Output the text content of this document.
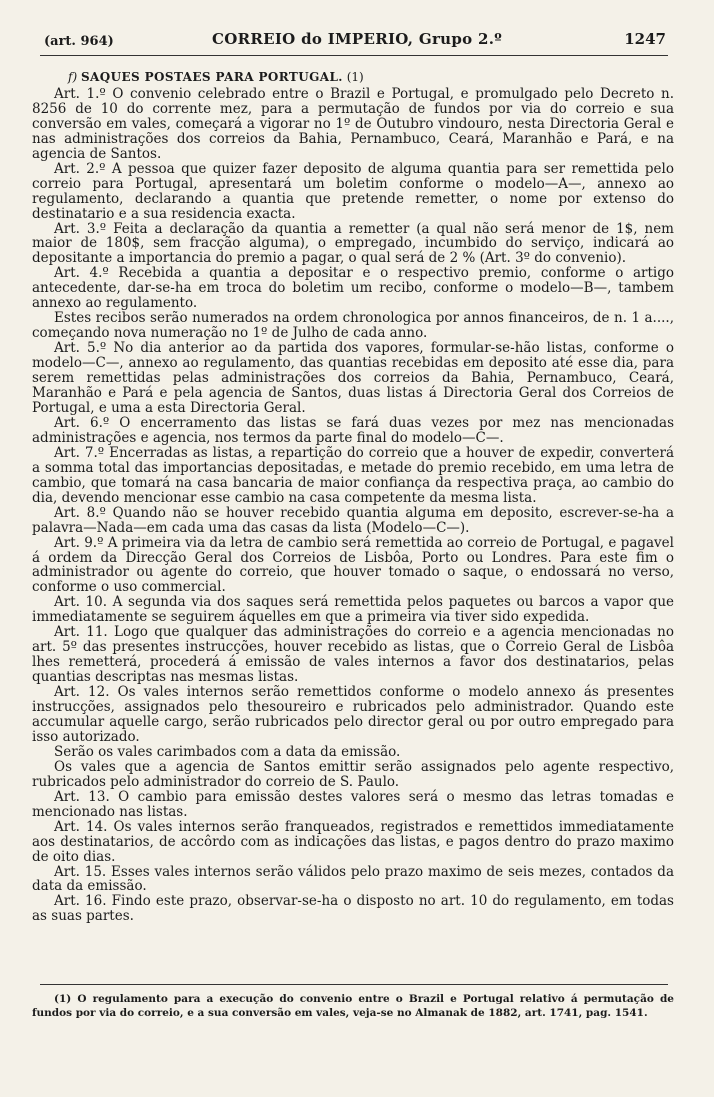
(art. 964)	CORREIO do IMPERIO, Grupo 2.º	1247
f) SAQUES POSTAES PARA PORTUGAL. (1)

Art. 1.º O convenio celebrado entre o Brazil e Portugal, e promulgado pelo Decreto n. 8256 de 10 do corrente mez, para a permutação de fundos por via do correio e sua conversão em vales, começará a vigorar no 1º de Outubro vindouro, nesta Directoria Geral e nas administrações dos correios da Bahia, Pernambuco, Ceará, Maranhão e Pará, e na agencia de Santos.

Art. 2.º A pessoa que quizer fazer deposito de alguma quantia para ser remettida pelo correio para Portugal, apresentará um boletim conforme o modelo—A—, annexo ao regulamento, declarando a quantia que pretende remetter, o nome por extenso do destinatario e a sua residencia exacta.

Art. 3.º Feita a declaração da quantia a remetter (a qual não será menor de 1$, nem maior de 180$, sem fracção alguma), o empregado, incumbido do serviço, indicará ao depositante a importancia do premio a pagar, o qual será de 2 % (Art. 3º do convenio).

Art. 4.º Recebida a quantia a depositar e o respectivo premio, conforme o artigo antecedente, dar-se-ha em troca do boletim um recibo, conforme o modelo—B—, tambem annexo ao regulamento.

Estes recibos serão numerados na ordem chronologica por annos financeiros, de n. 1 a...., começando nova numeração no 1º de Julho de cada anno.

Art. 5.º No dia anterior ao da partida dos vapores, formular-se-hão listas, conforme o modelo—C—, annexo ao regulamento, das quantias recebidas em deposito até esse dia, para serem remettidas pelas administrações dos correios da Bahia, Pernambuco, Ceará, Maranhão e Pará e pela agencia de Santos, duas listas á Directoria Geral dos Correios de Portugal, e uma a esta Directoria Geral.

Art. 6.º O encerramento das listas se fará duas vezes por mez nas mencionadas administrações e agencia, nos termos da parte final do modelo—C—.

Art. 7.º Encerradas as listas, a repartição do correio que a houver de expedir, converterá a somma total das importancias depositadas, e metade do premio recebido, em uma letra de cambio, que tomará na casa bancaria de maior confiança da respectiva praça, ao cambio do dia, devendo mencionar esse cambio na casa competente da mesma lista.

Art. 8.º Quando não se houver recebido quantia alguma em deposito, escrever-se-ha a palavra—Nada—em cada uma das casas da lista (Modelo—C—).

Art. 9.º A primeira via da letra de cambio será remettida ao correio de Portugal, e pagavel á ordem da Direcção Geral dos Correios de Lisbôa, Porto ou Londres. Para este fim o administrador ou agente do correio, que houver tomado o saque, o endossará no verso, conforme o uso commercial.

Art. 10. A segunda via dos saques será remettida pelos paquetes ou barcos a vapor que immediatamente se seguirem áquelles em que a primeira via tiver sido expedida.

Art. 11. Logo que qualquer das administrações do correio e a agencia mencionadas no art. 5º das presentes instrucções, houver recebido as listas, que o Correio Geral de Lisbôa lhes remetterá, procederá á emissão de vales internos a favor dos destinatarios, pelas quantias descriptas nas mesmas listas.

Art. 12. Os vales internos serão remettidos conforme o modelo annexo ás presentes instrucções, assignados pelo thesoureiro e rubricados pelo administrador. Quando este accumular aquelle cargo, serão rubricados pelo director geral ou por outro empregado para isso autorizado.

Serão os vales carimbados com a data da emissão.

Os vales que a agencia de Santos emittir serão assignados pelo agente respectivo, rubricados pelo administrador do correio de S. Paulo.

Art. 13. O cambio para emissão destes valores será o mesmo das letras tomadas e mencionado nas listas.

Art. 14. Os vales internos serão franqueados, registrados e remettidos immediatamente aos destinatarios, de accôrdo com as indicações das listas, e pagos dentro do prazo maximo de oito dias.

Art. 15. Esses vales internos serão válidos pelo prazo maximo de seis mezes, contados da data da emissão.

Art. 16. Findo este prazo, observar-se-ha o disposto no art. 10 do regulamento, em todas as suas partes.

(1) O regulamento para a execução do convenio entre o Brazil e Portugal relativo á permutação de fundos por via do correio, e a sua conversão em vales, veja-se no Almanak de 1882, art. 1741, pag. 1541.
